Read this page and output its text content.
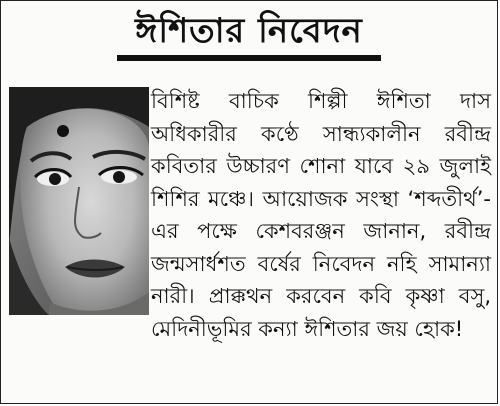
ঈশিতার নিবেদন

বিশিষ্ট বাচিক শিল্পী ঈশিতা দাস অধিকারীর কণ্ঠে সান্ধ্যকালীন রবীন্দ্র কবিতার উচ্চারণ শোনা যাবে ২৯ জুলাই শিশির মঞ্চে। আয়োজক সংস্থা ‘শব্দতীর্থ’-এর পক্ষে কেশবরঞ্জন জানান, রবীন্দ্র জন্মসার্ধশত বর্ষের নিবেদন নহি সামান্যা নারী। প্রাক্কথন করবেন কবি কৃষ্ণা বসু, মেদিনীভূমির কন্যা ঈশিতার জয় হোক!
